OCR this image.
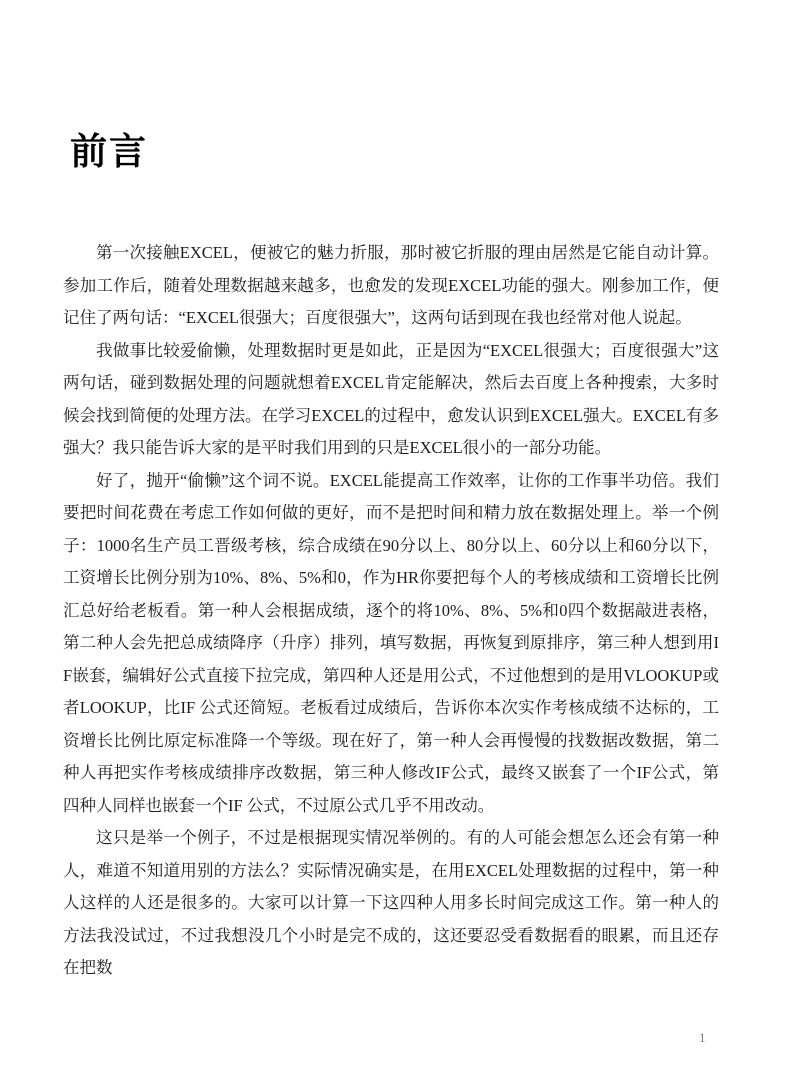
前言

第一次接触EXCEL，便被它的魅力折服，那时被它折服的理由居然是它能自动计算。参加工作后，随着处理数据越来越多，也愈发的发现EXCEL功能的强大。刚参加工作，便记住了两句话：“EXCEL很强大；百度很强大”，这两句话到现在我也经常对他人说起。

我做事比较爱偷懒，处理数据时更是如此，正是因为“EXCEL很强大；百度很强大”这两句话，碰到数据处理的问题就想着EXCEL肯定能解决，然后去百度上各种搜索，大多时候会找到简便的处理方法。在学习EXCEL的过程中，愈发认识到EXCEL强大。EXCEL有多强大？我只能告诉大家的是平时我们用到的只是EXCEL很小的一部分功能。

好了，抛开“偷懒”这个词不说。EXCEL能提高工作效率，让你的工作事半功倍。我们要把时间花费在考虑工作如何做的更好，而不是把时间和精力放在数据处理上。举一个例子：1000名生产员工晋级考核，综合成绩在90分以上、80分以上、60分以上和60分以下，工资增长比例分别为10%、8%、5%和0，作为HR你要把每个人的考核成绩和工资增长比例汇总好给老板看。第一种人会根据成绩，逐个的将10%、8%、5%和0四个数据敲进表格，第二种人会先把总成绩降序（升序）排列，填写数据，再恢复到原排序，第三种人想到用IF嵌套，编辑好公式直接下拉完成，第四种人还是用公式，不过他想到的是用VLOOKUP或者LOOKUP，比IF 公式还简短。老板看过成绩后，告诉你本次实作考核成绩不达标的，工资增长比例比原定标准降一个等级。现在好了，第一种人会再慢慢的找数据改数据，第二种人再把实作考核成绩排序改数据，第三种人修改IF公式，最终又嵌套了一个IF公式，第四种人同样也嵌套一个IF 公式，不过原公式几乎不用改动。

这只是举一个例子，不过是根据现实情况举例的。有的人可能会想怎么还会有第一种人，难道不知道用别的方法么？实际情况确实是，在用EXCEL处理数据的过程中，第一种人这样的人还是很多的。大家可以计算一下这四种人用多长时间完成这工作。第一种人的方法我没试过，不过我想没几个小时是完不成的，这还要忍受看数据看的眼累，而且还存在把数

1
